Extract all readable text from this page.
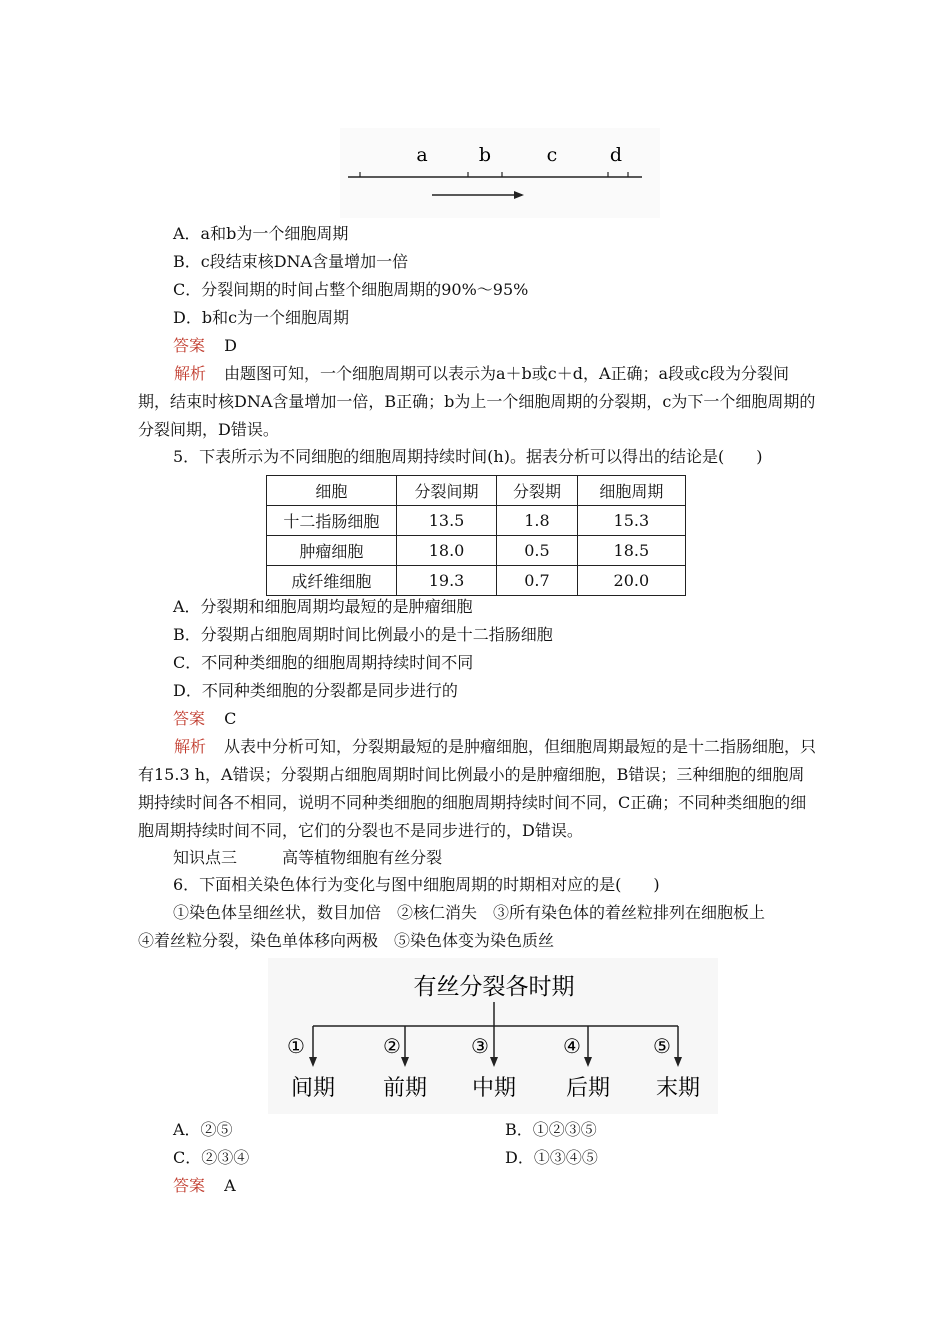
a	b	c	d
A．a和b为一个细胞周期
B．c段结束核DNA含量增加一倍
C．分裂间期的时间占整个细胞周期的90%～95%
D．b和c为一个细胞周期
答案 D
解析 由题图可知，一个细胞周期可以表示为a＋b或c＋d，A正确；a段或c段为分裂间期，结束时核DNA含量增加一倍，B正确；b为上一个细胞周期的分裂期，c为下一个细胞周期的分裂间期，D错误。
5．下表所示为不同细胞的细胞周期持续时间(h)。据表分析可以得出的结论是(　　)
细胞	分裂间期	分裂期	细胞周期
十二指肠细胞	13.5	1.8	15.3
肿瘤细胞	18.0	0.5	18.5
成纤维细胞	19.3	0.7	20.0
A．分裂期和细胞周期均最短的是肿瘤细胞
B．分裂期占细胞周期时间比例最小的是十二指肠细胞
C．不同种类细胞的细胞周期持续时间不同
D．不同种类细胞的分裂都是同步进行的
答案 C
解析 从表中分析可知，分裂期最短的是肿瘤细胞，但细胞周期最短的是十二指肠细胞，只有15.3 h，A错误；分裂期占细胞周期时间比例最小的是肿瘤细胞，B错误；三种细胞的细胞周期持续时间各不相同，说明不同种类细胞的细胞周期持续时间不同，C正确；不同种类细胞的细胞周期持续时间不同，它们的分裂也不是同步进行的，D错误。
知识点三	高等植物细胞有丝分裂
6．下面相关染色体行为变化与图中细胞周期的时期相对应的是(　　)
①染色体呈细丝状，数目加倍　②核仁消失　③所有染色体的着丝粒排列在细胞板上
④着丝粒分裂，染色单体移向两极　⑤染色体变为染色质丝
有丝分裂各时期
①	②	③	④	⑤
间期 前期 中期 后期 末期
A．②⑤	B．①②③⑤
C．②③④	D．①③④⑤
答案 A
